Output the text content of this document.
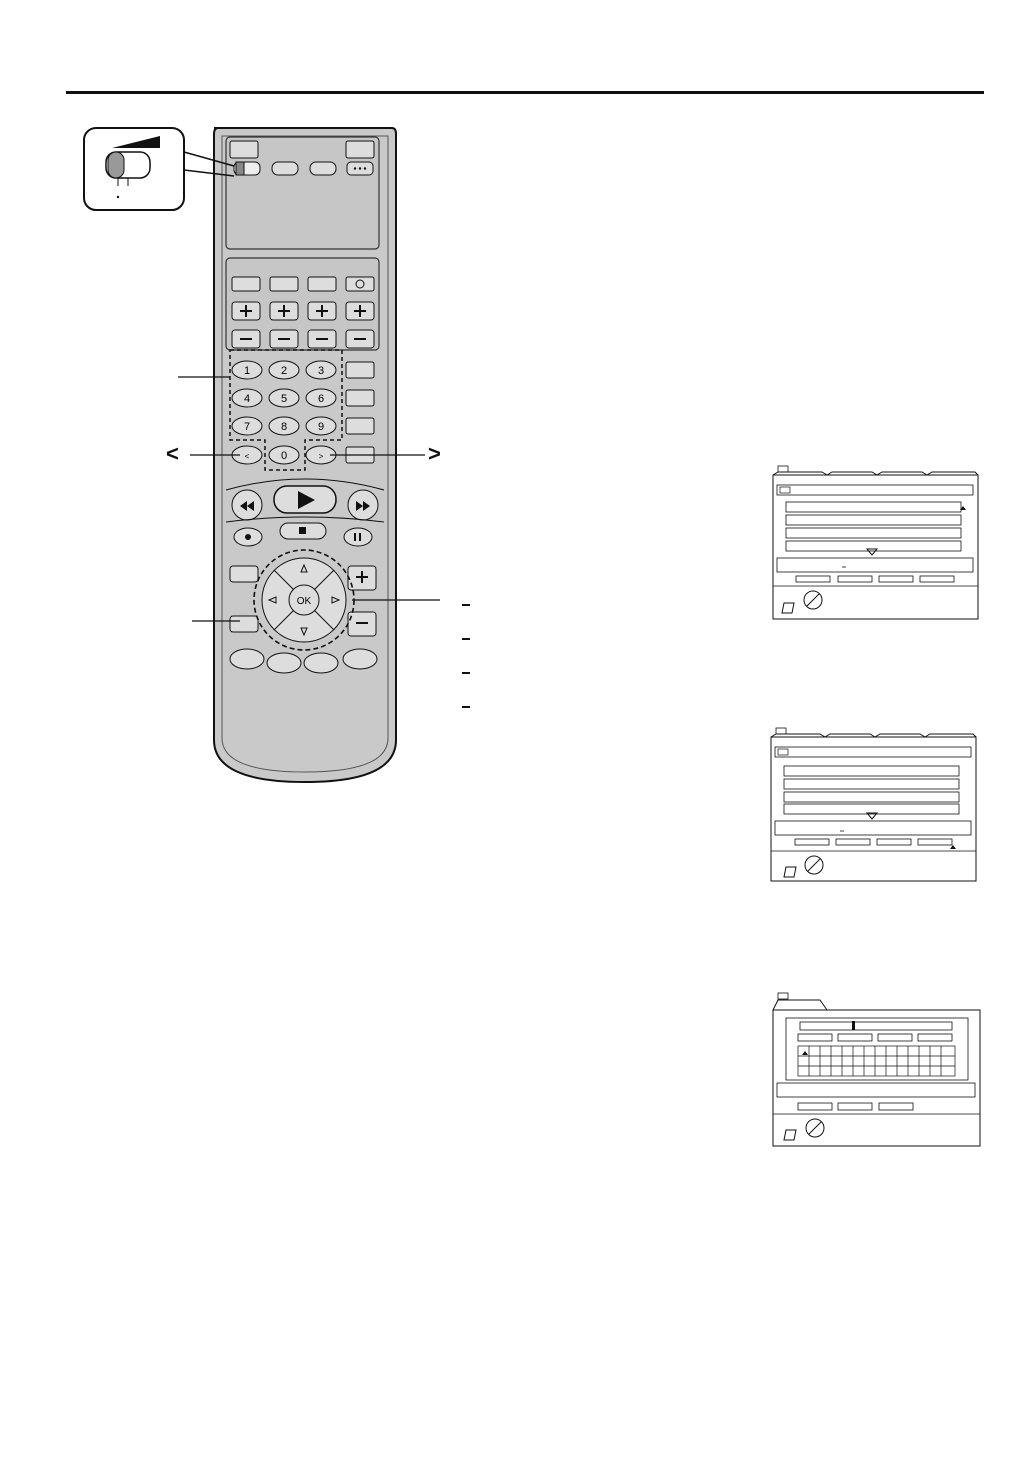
1	2	3
4	5	6
7	8	9
0
<	>
OK
<	>
